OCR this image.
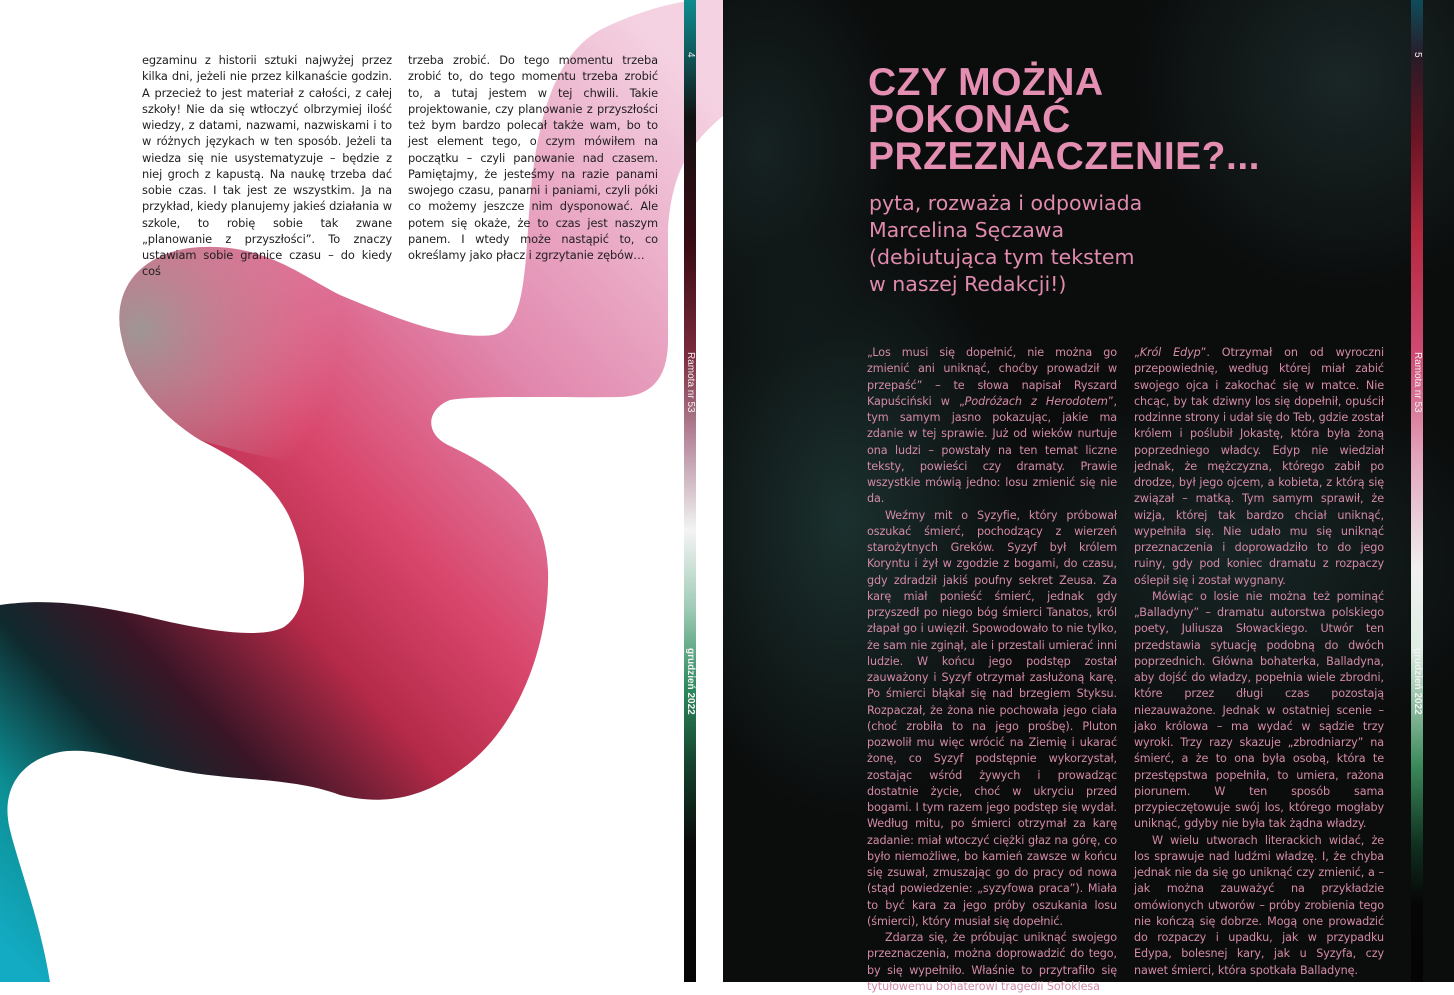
egzaminu z historii sztuki najwyżej przez kilka dni, jeżeli nie przez kilkanaście godzin. A przecież to jest materiał z całości, z całej szkoły! Nie da się wtłoczyć olbrzymiej ilość wiedzy, z datami, nazwami, nazwiskami i to w różnych językach w ten sposób. Jeżeli ta wiedza się nie usystematyzuje – będzie z niej groch z kapustą. Na naukę trzeba dać sobie czas. I tak jest ze wszystkim. Ja na przykład, kiedy planujemy jakieś działania w szkole, to robię sobie tak zwane „planowanie z przyszłości”. To znaczy ustawiam sobie granice czasu – do kiedy coś

trzeba zrobić. Do tego momentu trzeba zrobić to, do tego momentu trzeba zrobić to, a tutaj jestem w tej chwili. Takie projektowanie, czy planowanie z przyszłości też bym bardzo polecał także wam, bo to jest element tego, o czym mówiłem na początku – czyli panowanie nad czasem. Pamiętajmy, że jesteśmy na razie panami swojego czasu, panami i paniami, czyli póki co możemy jeszcze nim dysponować. Ale potem się okaże, że to czas jest naszym panem. I wtedy może nastąpić to, co określamy jako płacz i zgrzytanie zębów…

4
Ramota nr 53
grudzień 2022
5
Ramota nr 53
grudzień 2022
CZY MOŻNA
POKONAĆ
PRZEZNACZENIE?...
pyta, rozważa i odpowiada
Marcelina Sęczawa
(debiutująca tym tekstem
w naszej Redakcji!)

„Los musi się dopełnić, nie można go zmienić ani uniknąć, choćby prowadził w przepaść” – te słowa napisał Ryszard Kapuściński w „Podróżach z Herodotem”, tym samym jasno pokazując, jakie ma zdanie w tej sprawie. Już od wieków nurtuje ona ludzi – powstały na ten temat liczne teksty, powieści czy dramaty. Prawie wszystkie mówią jedno: losu zmienić się nie da.

Weźmy mit o Syzyfie, który próbował oszukać śmierć, pochodzący z wierzeń starożytnych Greków. Syzyf był królem Koryntu i żył w zgodzie z bogami, do czasu, gdy zdradził jakiś poufny sekret Zeusa. Za karę miał ponieść śmierć, jednak gdy przyszedł po niego bóg śmierci Tanatos, król złapał go i uwięził. Spowodowało to nie tylko, że sam nie zginął, ale i przestali umierać inni ludzie. W końcu jego podstęp został zauważony i Syzyf otrzymał zasłużoną karę. Po śmierci błąkał się nad brzegiem Styksu. Rozpaczał, że żona nie pochowała jego ciała (choć zrobiła to na jego prośbę). Pluton pozwolił mu więc wrócić na Ziemię i ukarać żonę, co Syzyf podstępnie wykorzystał, zostając wśród żywych i prowadząc dostatnie życie, choć w ukryciu przed bogami. I tym razem jego podstęp się wydał. Według mitu, po śmierci otrzymał za karę zadanie: miał wtoczyć ciężki głaz na górę, co było niemożliwe, bo kamień zawsze w końcu się zsuwał, zmuszając go do pracy od nowa (stąd powiedzenie: „syzyfowa praca”). Miała to być kara za jego próby oszukania losu (śmierci), który musiał się dopełnić.

Zdarza się, że próbując uniknąć swojego przeznaczenia, można doprowadzić do tego, by się wypełniło. Właśnie to przytrafiło się tytułowemu bohaterowi tragedii Sofoklesa

„Król Edyp”. Otrzymał on od wyroczni przepowiednię, według której miał zabić swojego ojca i zakochać się w matce. Nie chcąc, by tak dziwny los się dopełnił, opuścił rodzinne strony i udał się do Teb, gdzie został królem i poślubił Jokastę, która była żoną poprzedniego władcy. Edyp nie wiedział jednak, że mężczyzna, którego zabił po drodze, był jego ojcem, a kobieta, z którą się związał – matką. Tym samym sprawił, że wizja, której tak bardzo chciał uniknąć, wypełniła się. Nie udało mu się uniknąć przeznaczenia i doprowadziło to do jego ruiny, gdy pod koniec dramatu z rozpaczy oślepił się i został wygnany.

Mówiąc o losie nie można też pominąć „Balladyny” – dramatu autorstwa polskiego poety, Juliusza Słowackiego. Utwór ten przedstawia sytuację podobną do dwóch poprzednich. Główna bohaterka, Balladyna, aby dojść do władzy, popełnia wiele zbrodni, które przez długi czas pozostają niezauważone. Jednak w ostatniej scenie – jako królowa – ma wydać w sądzie trzy wyroki. Trzy razy skazuje „zbrodniarzy” na śmierć, a że to ona była osobą, która te przestępstwa popełniła, to umiera, rażona piorunem. W ten sposób sama przypieczętowuje swój los, którego mogłaby uniknąć, gdyby nie była tak żądna władzy.

W wielu utworach literackich widać, że los sprawuje nad ludźmi władzę. I, że chyba jednak nie da się go uniknąć czy zmienić, a – jak można zauważyć na przykładzie omówionych utworów – próby zrobienia tego nie kończą się dobrze. Mogą one prowadzić do rozpaczy i upadku, jak w przypadku Edypa, bolesnej kary, jak u Syzyfa, czy nawet śmierci, która spotkała Balladynę.
